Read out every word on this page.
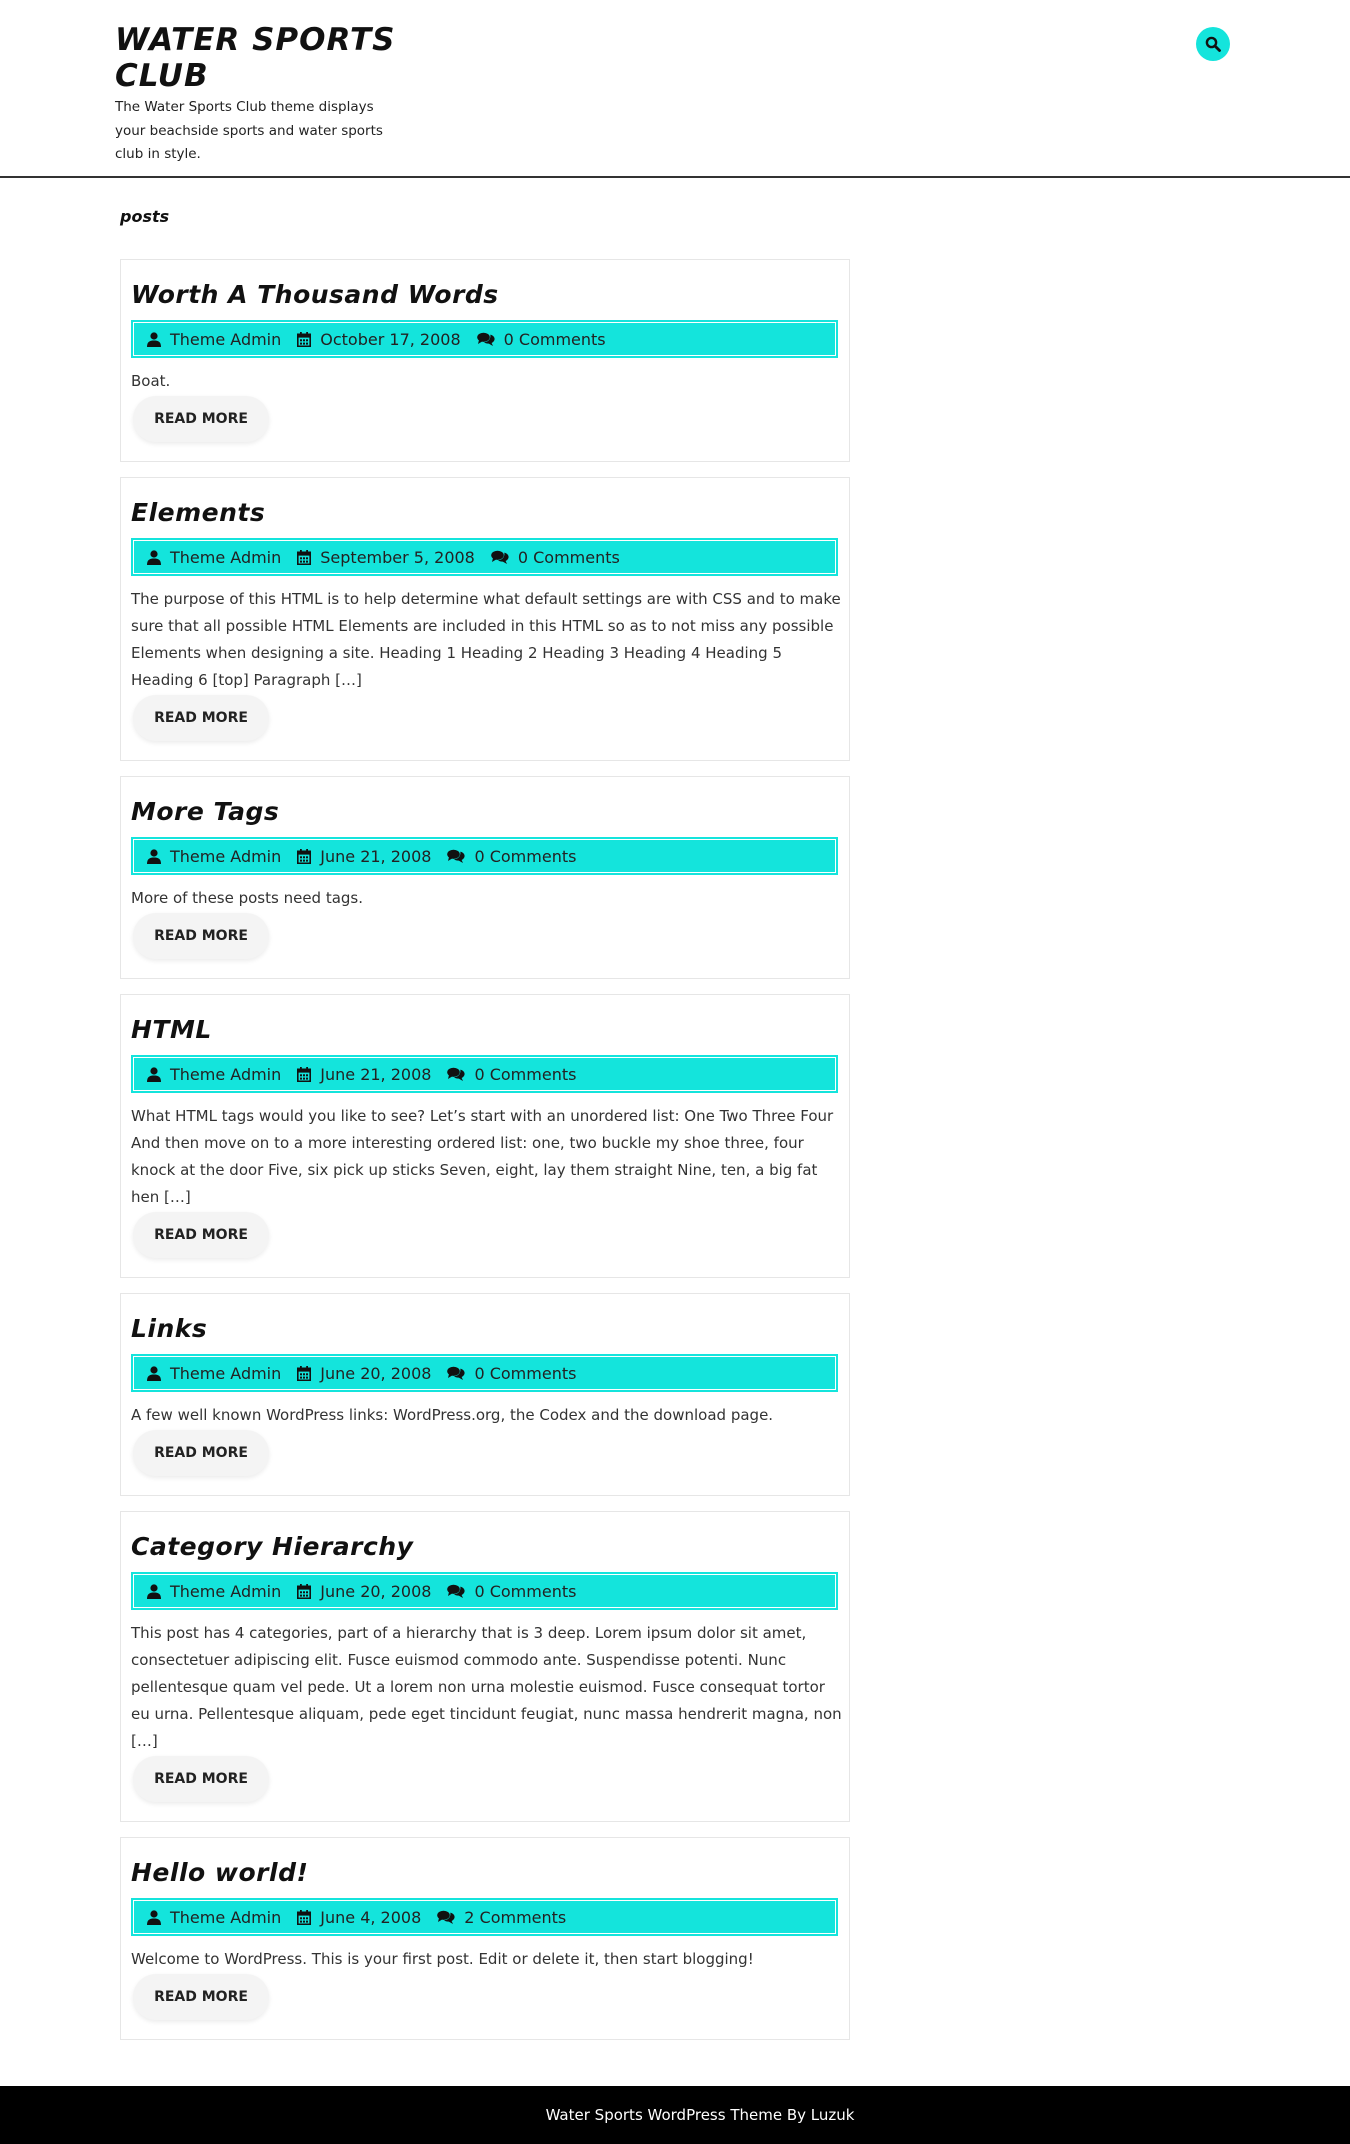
WATER SPORTS CLUB
The Water Sports Club theme displays your beachside sports and water sports club in style.
posts
Worth A Thousand Words
Theme Admin October 17, 2008	0 Comments

Boat.

READ MORE
Elements
Theme Admin September 5, 2008	0 Comments

The purpose of this HTML is to help determine what default settings are with CSS and to make sure that all possible HTML Elements are included in this HTML so as to not miss any possible Elements when designing a site. Heading 1 Heading 2 Heading 3 Heading 4 Heading 5 Heading 6 [top] Paragraph […]

READ MORE
More Tags
Theme Admin June 21, 2008	0 Comments

More of these posts need tags.

READ MORE
HTML
Theme Admin June 21, 2008	0 Comments

What HTML tags would you like to see? Let’s start with an unordered list: One Two Three Four And then move on to a more interesting ordered list: one, two buckle my shoe three, four knock at the door Five, six pick up sticks Seven, eight, lay them straight Nine, ten, a big fat hen […]

READ MORE
Links
Theme Admin June 20, 2008	0 Comments

A few well known WordPress links: WordPress.org, the Codex and the download page.

READ MORE
Category Hierarchy
Theme Admin June 20, 2008	0 Comments

This post has 4 categories, part of a hierarchy that is 3 deep. Lorem ipsum dolor sit amet, consectetuer adipiscing elit. Fusce euismod commodo ante. Suspendisse potenti. Nunc pellentesque quam vel pede. Ut a lorem non urna molestie euismod. Fusce consequat tortor eu urna. Pellentesque aliquam, pede eget tincidunt feugiat, nunc massa hendrerit magna, non […]

READ MORE
Hello world!
Theme Admin June 4, 2008	2 Comments

Welcome to WordPress. This is your first post. Edit or delete it, then start blogging!

READ MORE
Water Sports WordPress Theme By Luzuk
